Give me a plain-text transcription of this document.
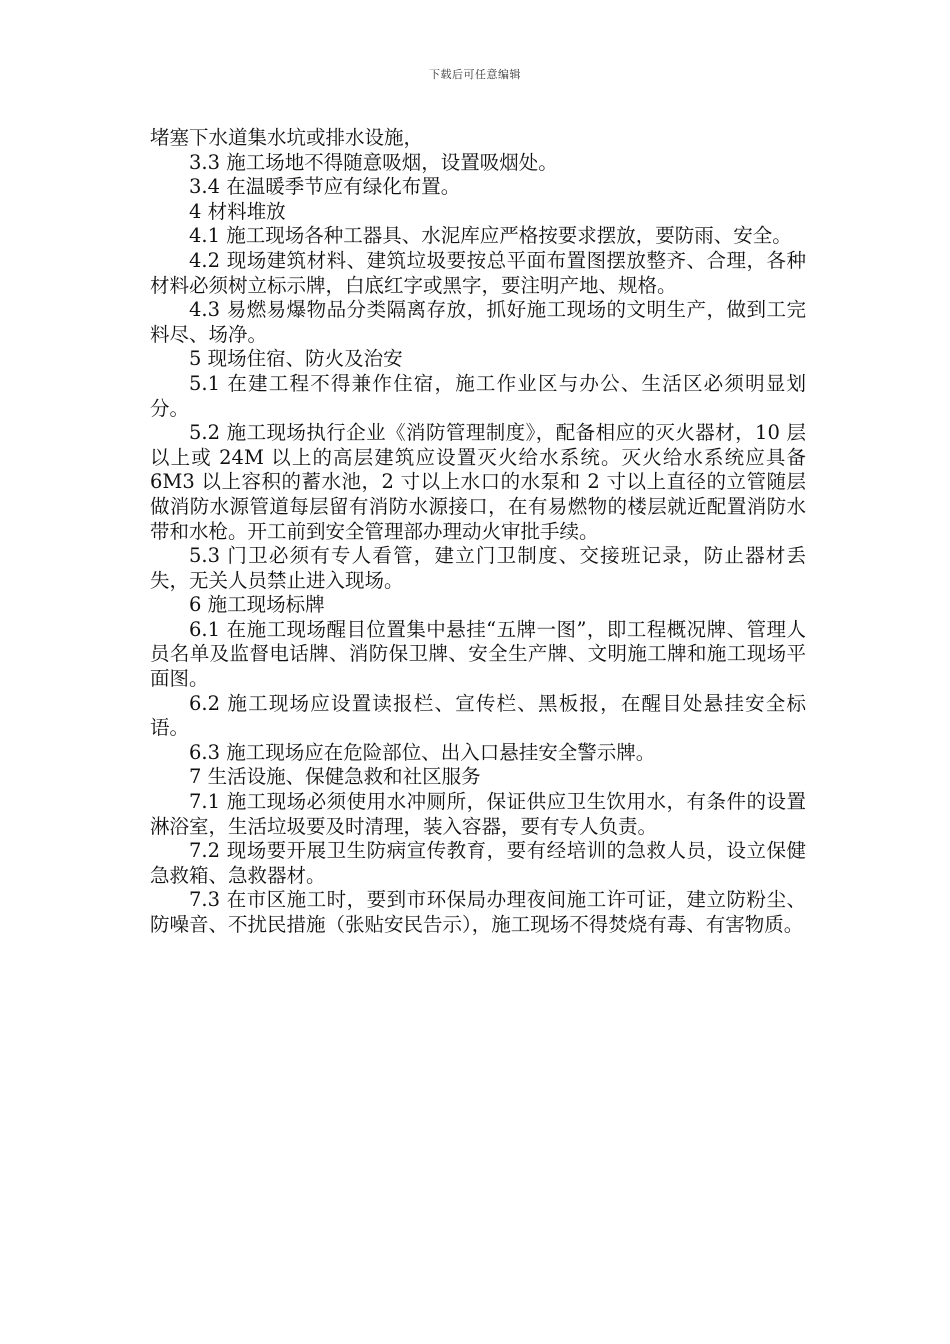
下载后可任意编辑

堵塞下水道集水坑或排水设施，

3.3 施工场地不得随意吸烟，设置吸烟处。

3.4 在温暖季节应有绿化布置。

4 材料堆放

4.1 施工现场各种工器具、水泥库应严格按要求摆放，要防雨、安全。

4.2 现场建筑材料、建筑垃圾要按总平面布置图摆放整齐、合理，各种材料必须树立标示牌，白底红字或黑字，要注明产地、规格。

4.3 易燃易爆物品分类隔离存放，抓好施工现场的文明生产，做到工完料尽、场净。

5 现场住宿、防火及治安

5.1 在建工程不得兼作住宿，施工作业区与办公、生活区必须明显划分。

5.2 施工现场执行企业《消防管理制度》，配备相应的灭火器材，10 层以上或 24M 以上的高层建筑应设置灭火给水系统。灭火给水系统应具备 6M3 以上容积的蓄水池，2 寸以上水口的水泵和 2 寸以上直径的立管随层做消防水源管道每层留有消防水源接口，在有易燃物的楼层就近配置消防水带和水枪。开工前到安全管理部办理动火审批手续。

5.3 门卫必须有专人看管，建立门卫制度、交接班记录，防止器材丢失，无关人员禁止进入现场。

6 施工现场标牌

6.1 在施工现场醒目位置集中悬挂“五牌一图”，即工程概况牌、管理人员名单及监督电话牌、消防保卫牌、安全生产牌、文明施工牌和施工现场平面图。

6.2 施工现场应设置读报栏、宣传栏、黑板报，在醒目处悬挂安全标语。

6.3 施工现场应在危险部位、出入口悬挂安全警示牌。

7 生活设施、保健急救和社区服务

7.1 施工现场必须使用水冲厕所，保证供应卫生饮用水，有条件的设置淋浴室，生活垃圾要及时清理，装入容器，要有专人负责。

7.2 现场要开展卫生防病宣传教育，要有经培训的急救人员，设立保健急救箱、急救器材。

7.3 在市区施工时，要到市环保局办理夜间施工许可证，建立防粉尘、防噪音、不扰民措施（张贴安民告示），施工现场不得焚烧有毒、有害物质。
